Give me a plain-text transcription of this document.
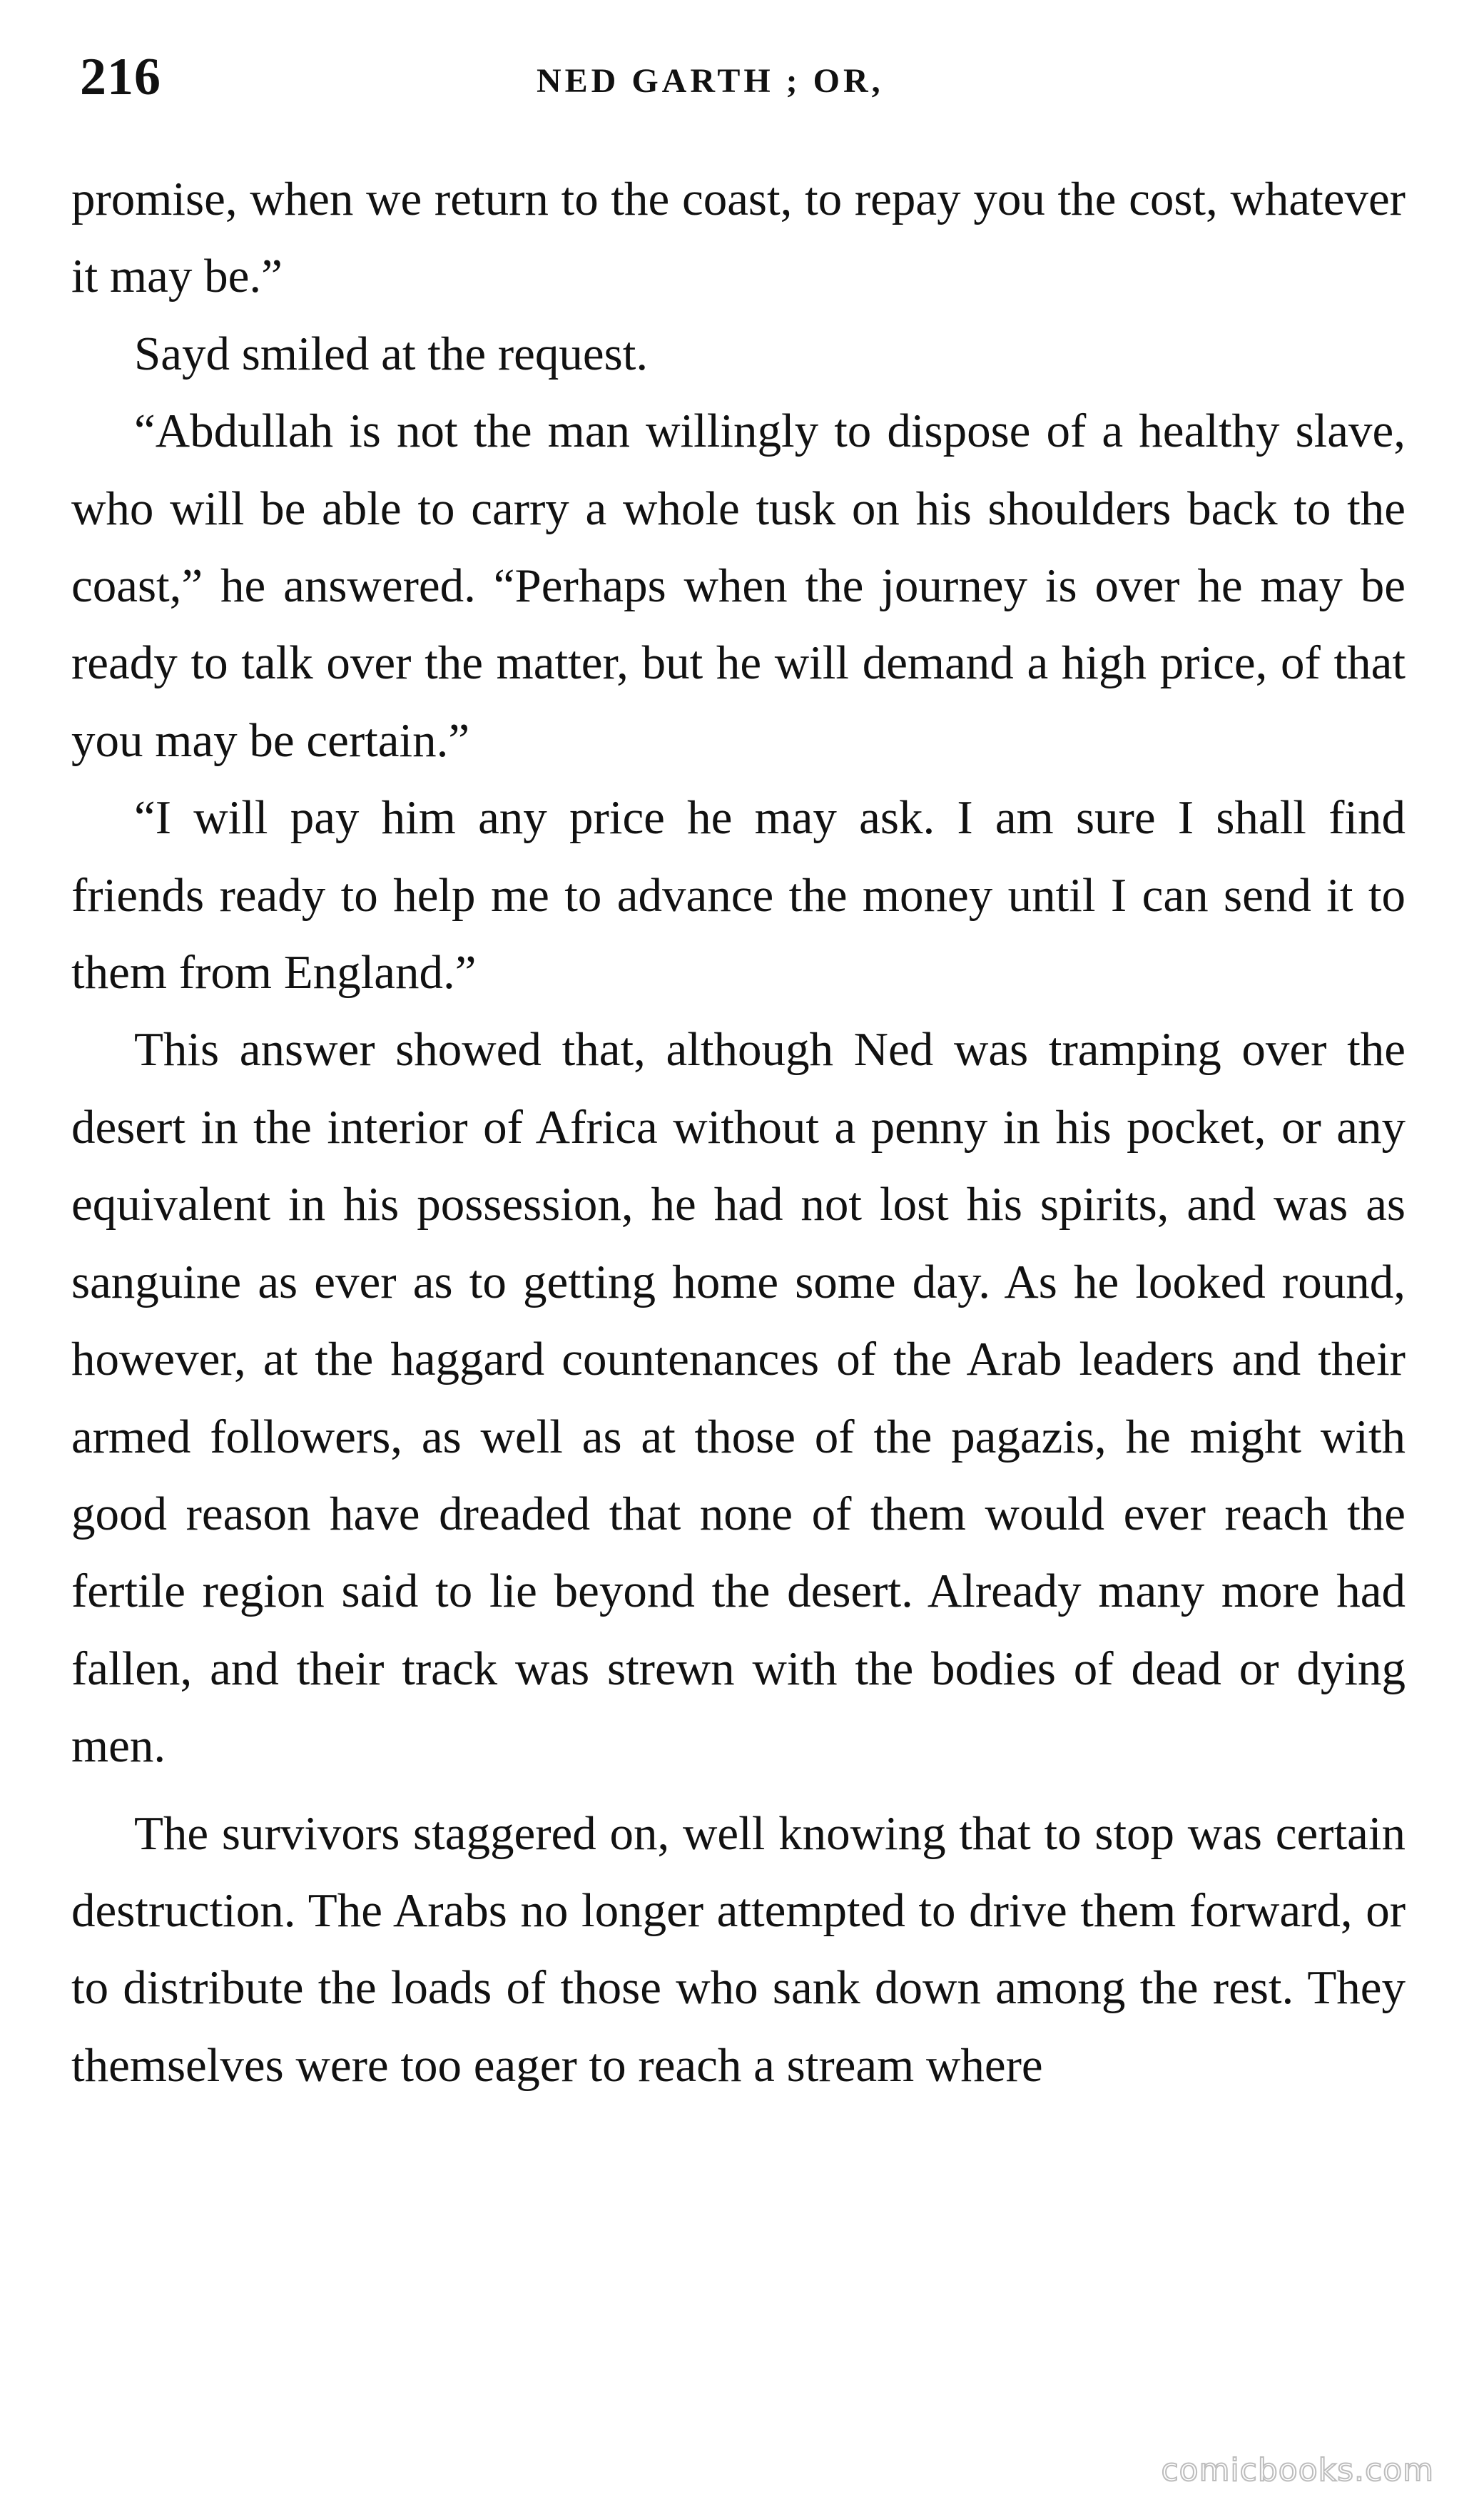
216	NED GARTH ; OR,

promise, when we return to the coast, to repay you the cost, whatever it may be.”

Sayd smiled at the request.

“Abdullah is not the man willingly to dispose of a healthy slave, who will be able to carry a whole tusk on his shoulders back to the coast,” he answered. “Perhaps when the journey is over he may be ready to talk over the matter, but he will demand a high price, of that you may be certain.”

“I will pay him any price he may ask. I am sure I shall find friends ready to help me to advance the money until I can send it to them from England.”

This answer showed that, although Ned was tramping over the desert in the interior of Africa without a penny in his pocket, or any equivalent in his possession, he had not lost his spirits, and was as sanguine as ever as to getting home some day. As he looked round, however, at the haggard countenances of the Arab leaders and their armed followers, as well as at those of the pagazis, he might with good reason have dreaded that none of them would ever reach the fertile region said to lie beyond the desert. Already many more had fallen, and their track was strewn with the bodies of dead or dying men.

The survivors staggered on, well knowing that to stop was certain destruction. The Arabs no longer attempted to drive them forward, or to distribute the loads of those who sank down among the rest. They themselves were too eager to reach a stream where

comicbooks.com
